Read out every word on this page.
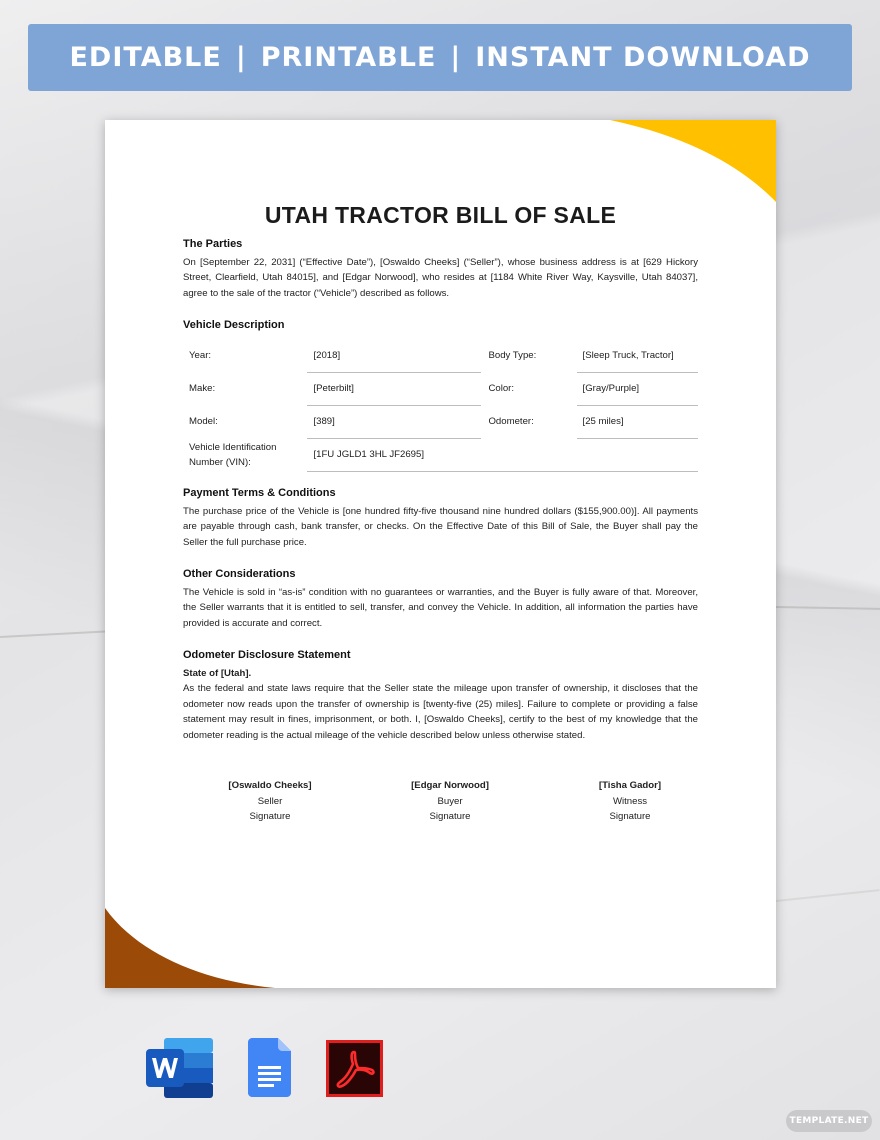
EDITABLE | PRINTABLE | INSTANT DOWNLOAD
UTAH TRACTOR BILL OF SALE
The Parties
On [September 22, 2031] (“Effective Date”), [Oswaldo Cheeks] (“Seller”), whose business address is at [629 Hickory Street, Clearfield, Utah 84015], and [Edgar Norwood], who resides at [1184 White River Way, Kaysville, Utah 84037], agree to the sale of the tractor (“Vehicle”) described as follows.
Vehicle Description
Year:	[2018]	Body Type:	[Sleep Truck, Tractor]
Make:	[Peterbilt]	Color:	[Gray/Purple]
Model:	[389]	Odometer:	[25 miles]
Vehicle Identification
Number (VIN):	[1FU JGLD1 3HL JF2695]		
Payment Terms & Conditions
The purchase price of the Vehicle is [one hundred fifty-five thousand nine hundred dollars ($155,900.00)]. All payments are payable through cash, bank transfer, or checks. On the Effective Date of this Bill of Sale, the Buyer shall pay the Seller the full purchase price.
Other Considerations
The Vehicle is sold in “as-is” condition with no guarantees or warranties, and the Buyer is fully aware of that. Moreover, the Seller warrants that it is entitled to sell, transfer, and convey the Vehicle. In addition, all information the parties have provided is accurate and correct.
Odometer Disclosure Statement
State of [Utah].
As the federal and state laws require that the Seller state the mileage upon transfer of ownership, it discloses that the odometer now reads upon the transfer of ownership is [twenty-five (25) miles]. Failure to complete or providing a false statement may result in fines, imprisonment, or both. I, [Oswaldo Cheeks], certify to the best of my knowledge that the odometer reading is the actual mileage of the vehicle described below unless otherwise stated.
[Oswaldo Cheeks]
Seller
Signature
[Edgar Norwood]
Buyer
Signature
[Tisha Gador]
Witness
Signature
TEMPLATE.NET
